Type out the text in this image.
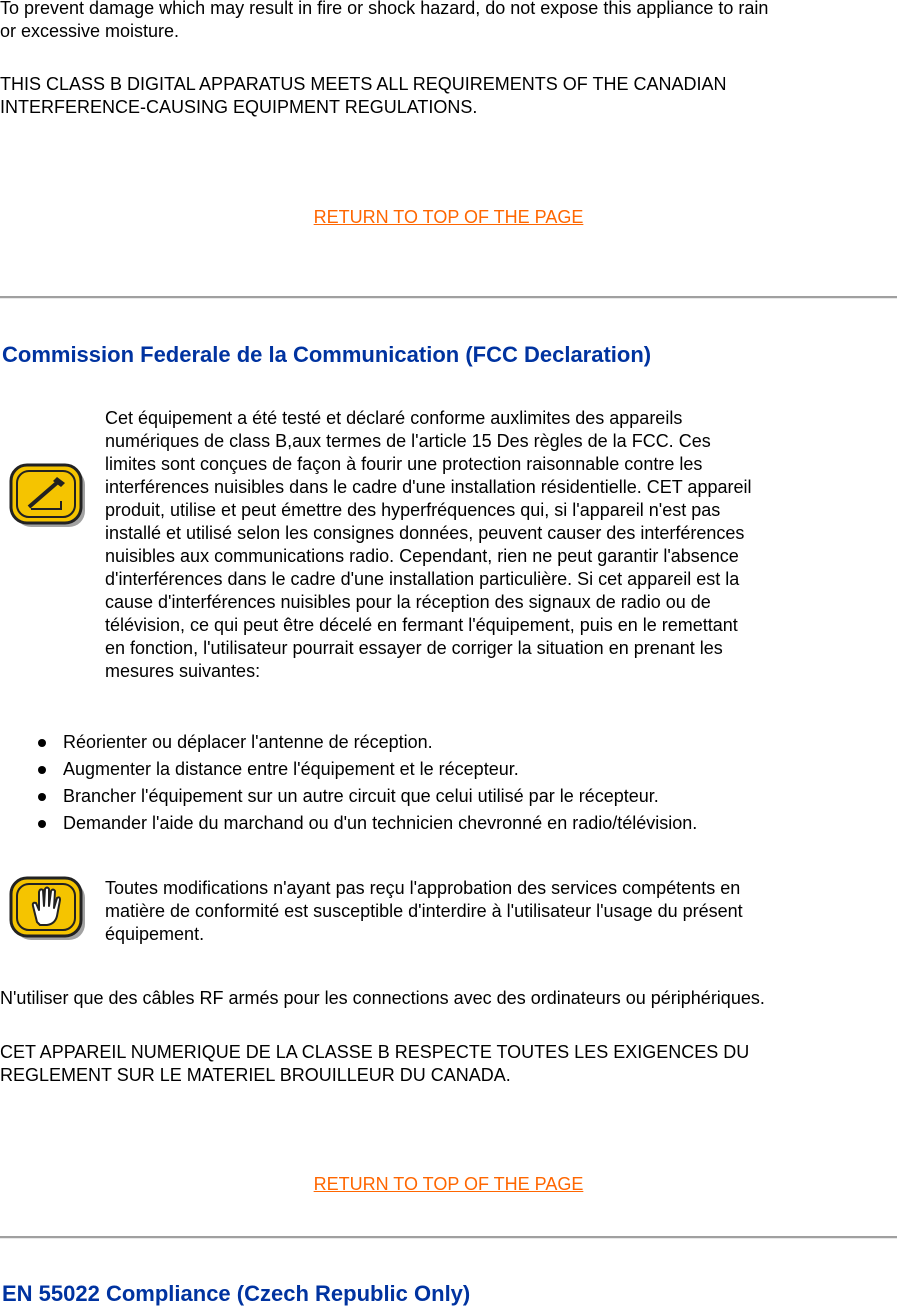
To prevent damage which may result in fire or shock hazard, do not expose this appliance to rain
or excessive moisture.
THIS CLASS B DIGITAL APPARATUS MEETS ALL REQUIREMENTS OF THE CANADIAN
INTERFERENCE-CAUSING EQUIPMENT REGULATIONS.
RETURN TO TOP OF THE PAGE
Commission Federale de la Communication (FCC Declaration)
Cet équipement a été testé et déclaré conforme auxlimites des appareils
numériques de class B,aux termes de l'article 15 Des règles de la FCC. Ces
limites sont conçues de façon à fourir une protection raisonnable contre les
interférences nuisibles dans le cadre d'une installation résidentielle. CET appareil
produit, utilise et peut émettre des hyperfréquences qui, si l'appareil n'est pas
installé et utilisé selon les consignes données, peuvent causer des interférences
nuisibles aux communications radio. Cependant, rien ne peut garantir l'absence
d'interférences dans le cadre d'une installation particulière. Si cet appareil est la
cause d'interférences nuisibles pour la réception des signaux de radio ou de
télévision, ce qui peut être décelé en fermant l'équipement, puis en le remettant
en fonction, l'utilisateur pourrait essayer de corriger la situation en prenant les
mesures suivantes:
Réorienter ou déplacer l'antenne de réception.
Augmenter la distance entre l'équipement et le récepteur.
Brancher l'équipement sur un autre circuit que celui utilisé par le récepteur.
Demander l'aide du marchand ou d'un technicien chevronné en radio/télévision.
Toutes modifications n'ayant pas reçu l'approbation des services compétents en
matière de conformité est susceptible d'interdire à l'utilisateur l'usage du présent
équipement.
N'utiliser que des câbles RF armés pour les connections avec des ordinateurs ou périphériques.
CET APPAREIL NUMERIQUE DE LA CLASSE B RESPECTE TOUTES LES EXIGENCES DU
REGLEMENT SUR LE MATERIEL BROUILLEUR DU CANADA.
RETURN TO TOP OF THE PAGE
EN 55022 Compliance (Czech Republic Only)
